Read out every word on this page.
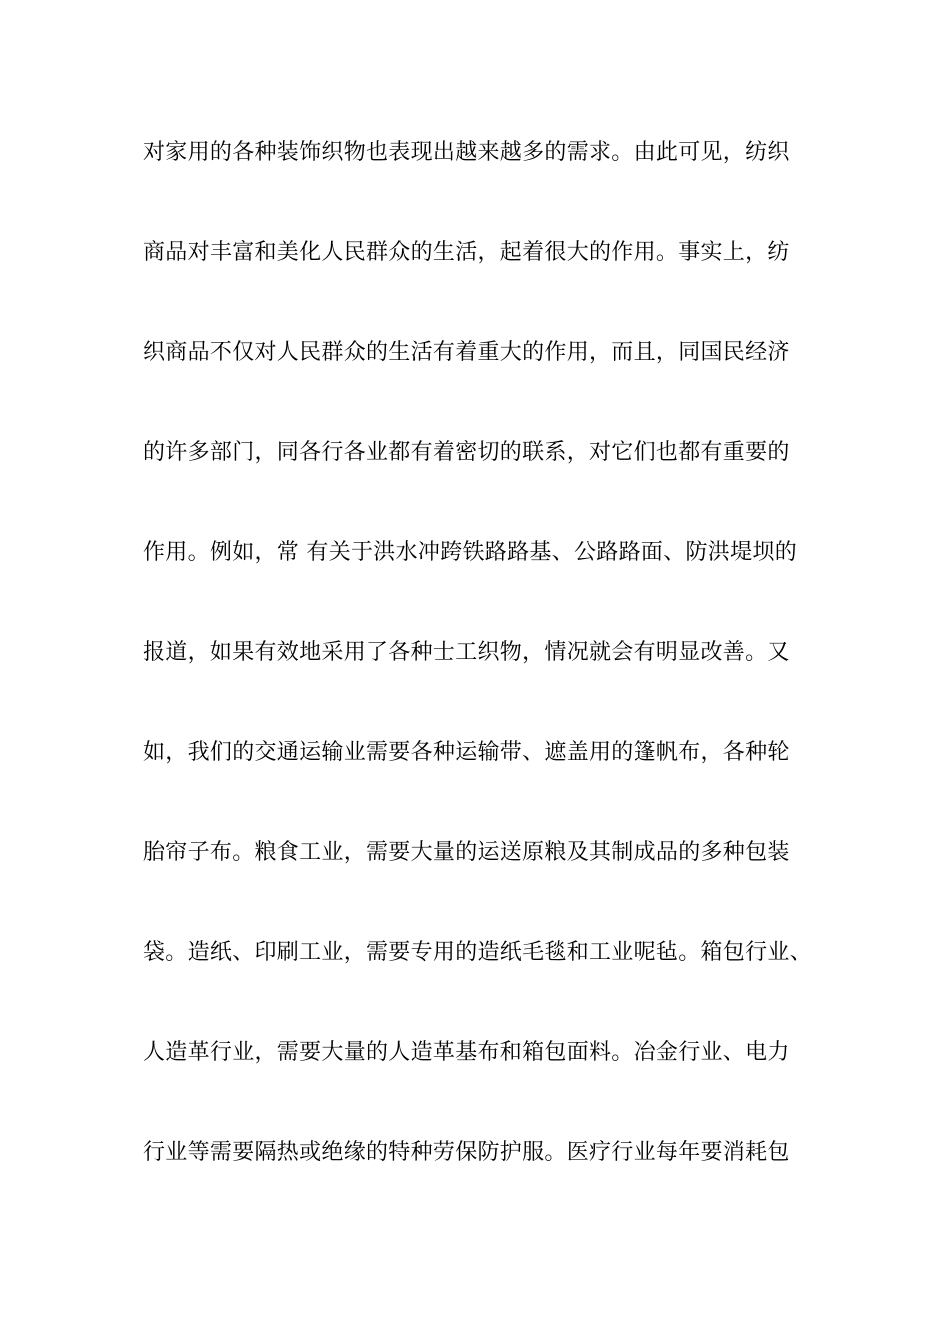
对家用的各种装饰织物也表现出越来越多的需求。由此可见，纺织
商品对丰富和美化人民群众的生活，起着很大的作用。事实上，纺
织商品不仅对人民群众的生活有着重大的作用，而且，同国民经济
的许多部门，同各行各业都有着密切的联系，对它们也都有重要的
作用。例如，常 有关于洪水冲跨铁路路基、公路路面、防洪堤坝的
报道，如果有效地采用了各种士工织物，情况就会有明显改善。又
如，我们的交通运输业需要各种运输带、遮盖用的篷帆布，各种轮
胎帘子布。粮食工业，需要大量的运送原粮及其制成品的多种包装
袋。造纸、印刷工业，需要专用的造纸毛毯和工业呢毡。箱包行业、
人造革行业，需要大量的人造革基布和箱包面料。冶金行业、电力
行业等需要隔热或绝缘的特种劳保防护服。医疗行业每年要消耗包
